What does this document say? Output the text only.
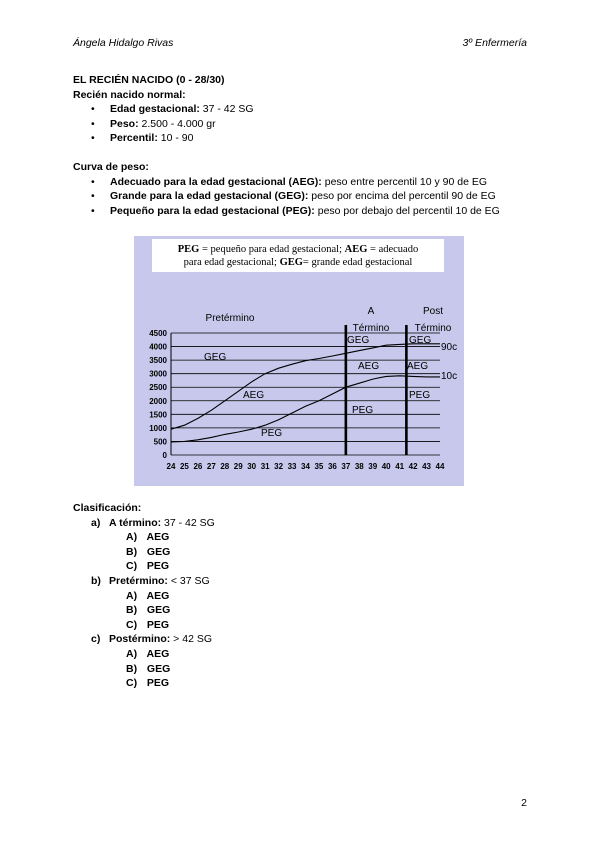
Ángela Hidalgo Rivas	3º Enfermería
EL RECIÉN NACIDO (0 - 28/30)
Recién nacido normal:
• Edad gestacional: 37 - 42 SG
• Peso: 2.500 - 4.000 gr
• Percentil: 10 - 90
Curva de peso:
• Adecuado para la edad gestacional (AEG): peso entre percentil 10 y 90 de EG
• Grande para la edad gestacional (GEG): peso por encima del percentil 90 de EG
• Pequeño para la edad gestacional (PEG): peso por debajo del percentil 10 de EG
PEG = pequeño para edad gestacional; AEG = adecuado
para edad gestacional; GEG= grande edad gestacional
0
500
1000
1500
2000
2500
3000
3500
4000
4500
24 25 26 27 28 29 30 31 32 33 34 35 36 37 38 39 40 41 42 43 44
Pretérmino
A
Término
Post
Término
90c
10c
GEG
AEG
PEG
GEG
AEG
PEG
GEG
AEG
PEG
Clasificación:
a) A término: 37 - 42 SG
A) AEG
B) GEG
C) PEG
b) Pretérmino: < 37 SG
A) AEG
B) GEG
C) PEG
c) Postérmino: > 42 SG
A) AEG
B) GEG
C) PEG
2
